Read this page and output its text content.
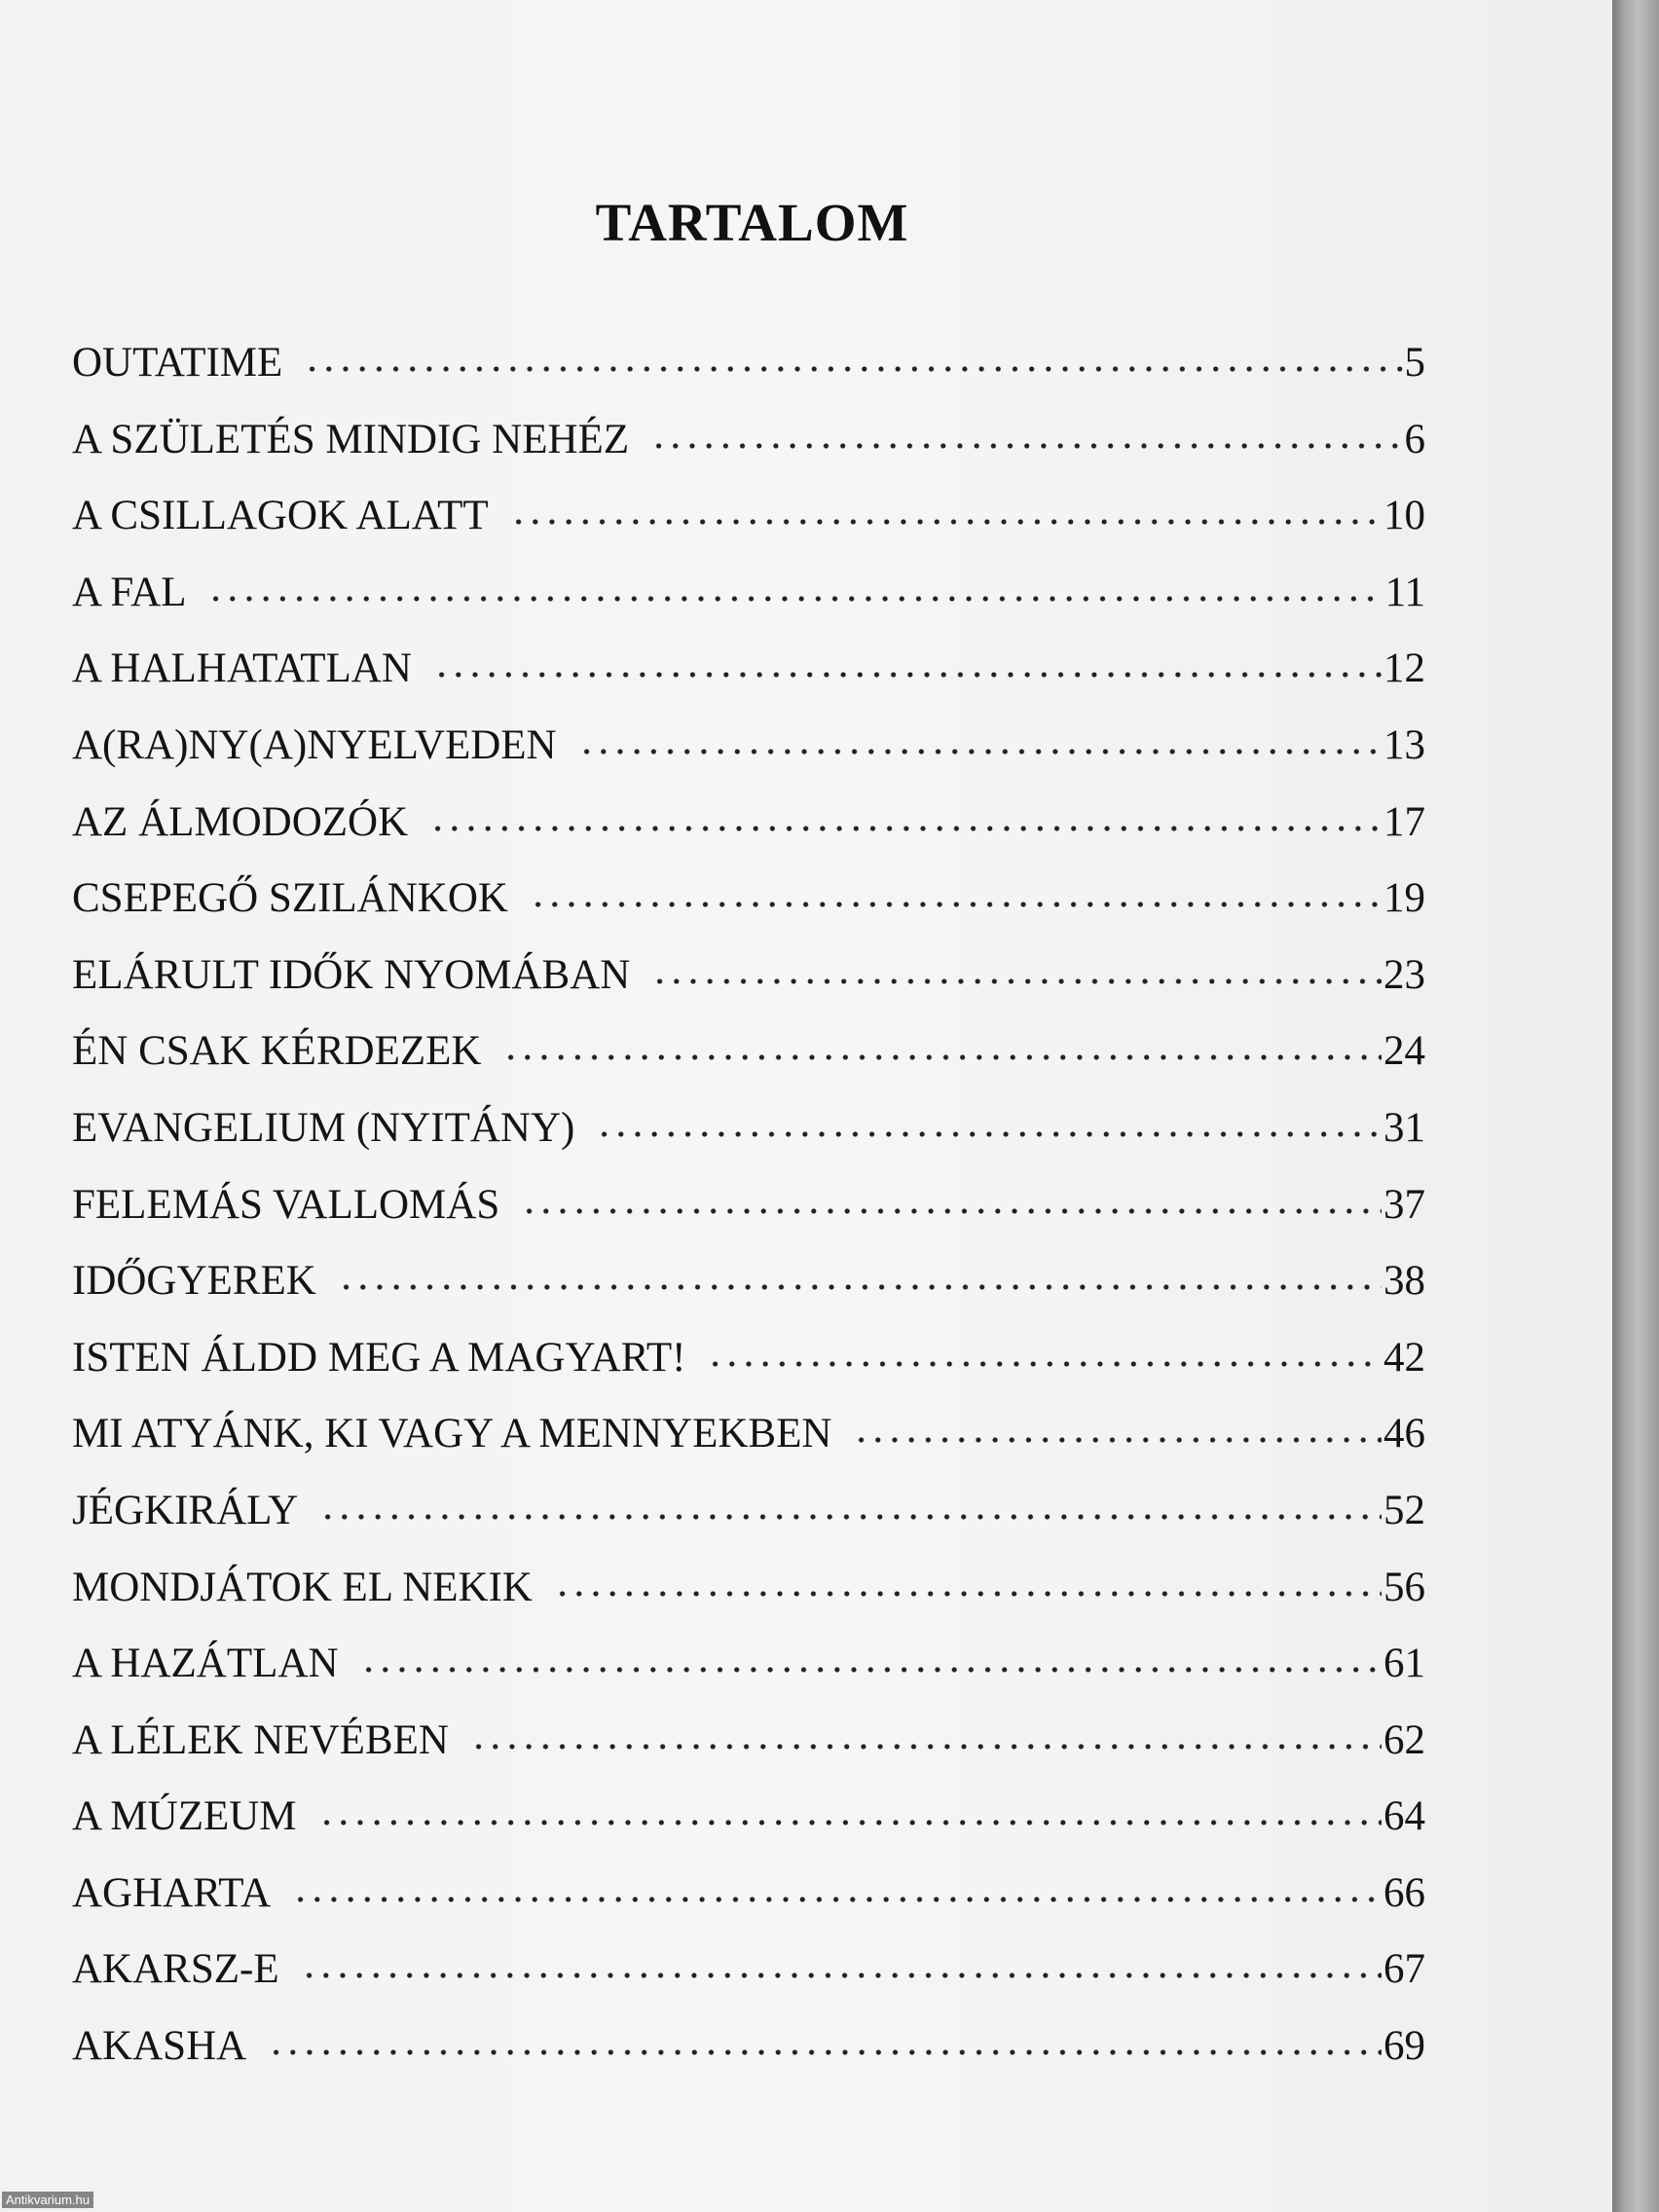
TARTALOM
OUTATIME	5
A SZÜLETÉS MINDIG NEHÉZ	6
A CSILLAGOK ALATT	10
A FAL	11
A HALHATATLAN	12
A(RA)NY(A)NYELVEDEN	13
AZ ÁLMODOZÓK	17
CSEPEGŐ SZILÁNKOK	19
ELÁRULT IDŐK NYOMÁBAN	23
ÉN CSAK KÉRDEZEK	24
EVANGELIUM (NYITÁNY)	31
FELEMÁS VALLOMÁS	37
IDŐGYEREK	38
ISTEN ÁLDD MEG A MAGYART!	42
MI ATYÁNK, KI VAGY A MENNYEKBEN	46
JÉGKIRÁLY	52
MONDJÁTOK EL NEKIK	56
A HAZÁTLAN	61
A LÉLEK NEVÉBEN	62
A MÚZEUM	64
AGHARTA	66
AKARSZ-E	67
AKASHA	69
Antikvarium.hu
